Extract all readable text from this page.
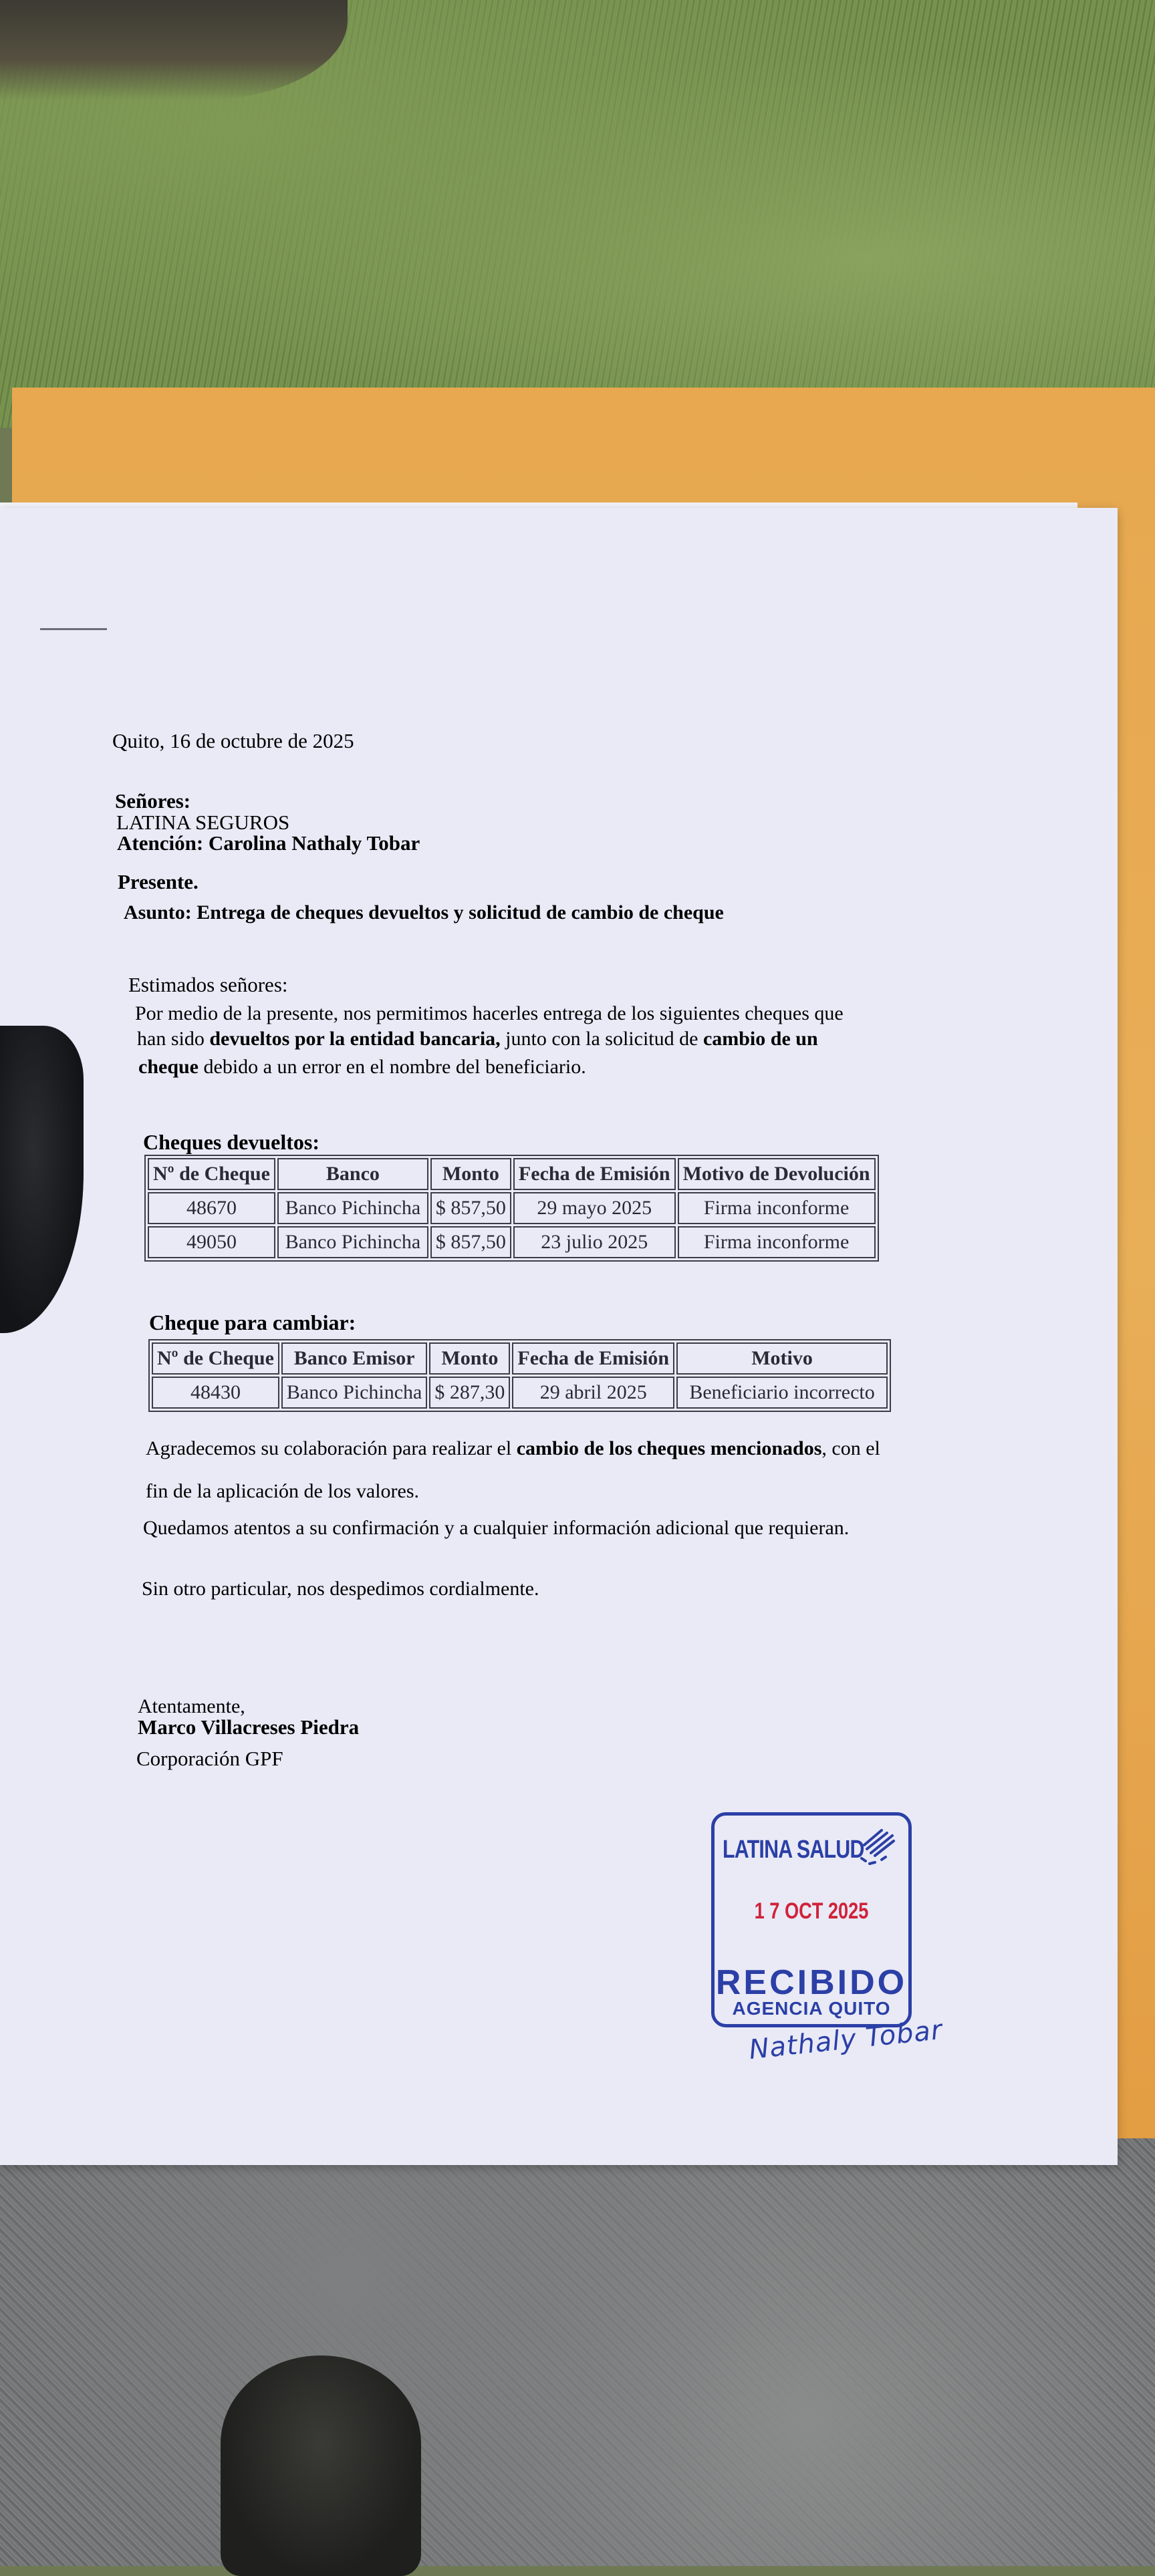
Quito, 16 de octubre de 2025
Señores:
LATINA SEGUROS
Atención: Carolina Nathaly Tobar
Presente.
Asunto: Entrega de cheques devueltos y solicitud de cambio de cheque
Estimados señores:
Por medio de la presente, nos permitimos hacerles entrega de los siguientes cheques que
han sido devueltos por la entidad bancaria, junto con la solicitud de cambio de un
cheque debido a un error en el nombre del beneficiario.
Cheques devueltos:
Nº de Cheque	Banco	Monto	Fecha de Emisión	Motivo de Devolución
48670	Banco Pichincha	$ 857,50	29 mayo 2025	Firma inconforme
49050	Banco Pichincha	$ 857,50	23 julio 2025	Firma inconforme
Cheque para cambiar:
Nº de Cheque	Banco Emisor	Monto	Fecha de Emisión	Motivo
48430	Banco Pichincha	$ 287,30	29 abril 2025	Beneficiario incorrecto
Agradecemos su colaboración para realizar el cambio de los cheques mencionados, con el
fin de la aplicación de los valores.
Quedamos atentos a su confirmación y a cualquier información adicional que requieran.
Sin otro particular, nos despedimos cordialmente.
Atentamente,
Marco Villacreses Piedra
Corporación GPF
LATINA SALUD
1 7 OCT 2025
RECIBIDO
AGENCIA QUITO
Nathaly Tobar
